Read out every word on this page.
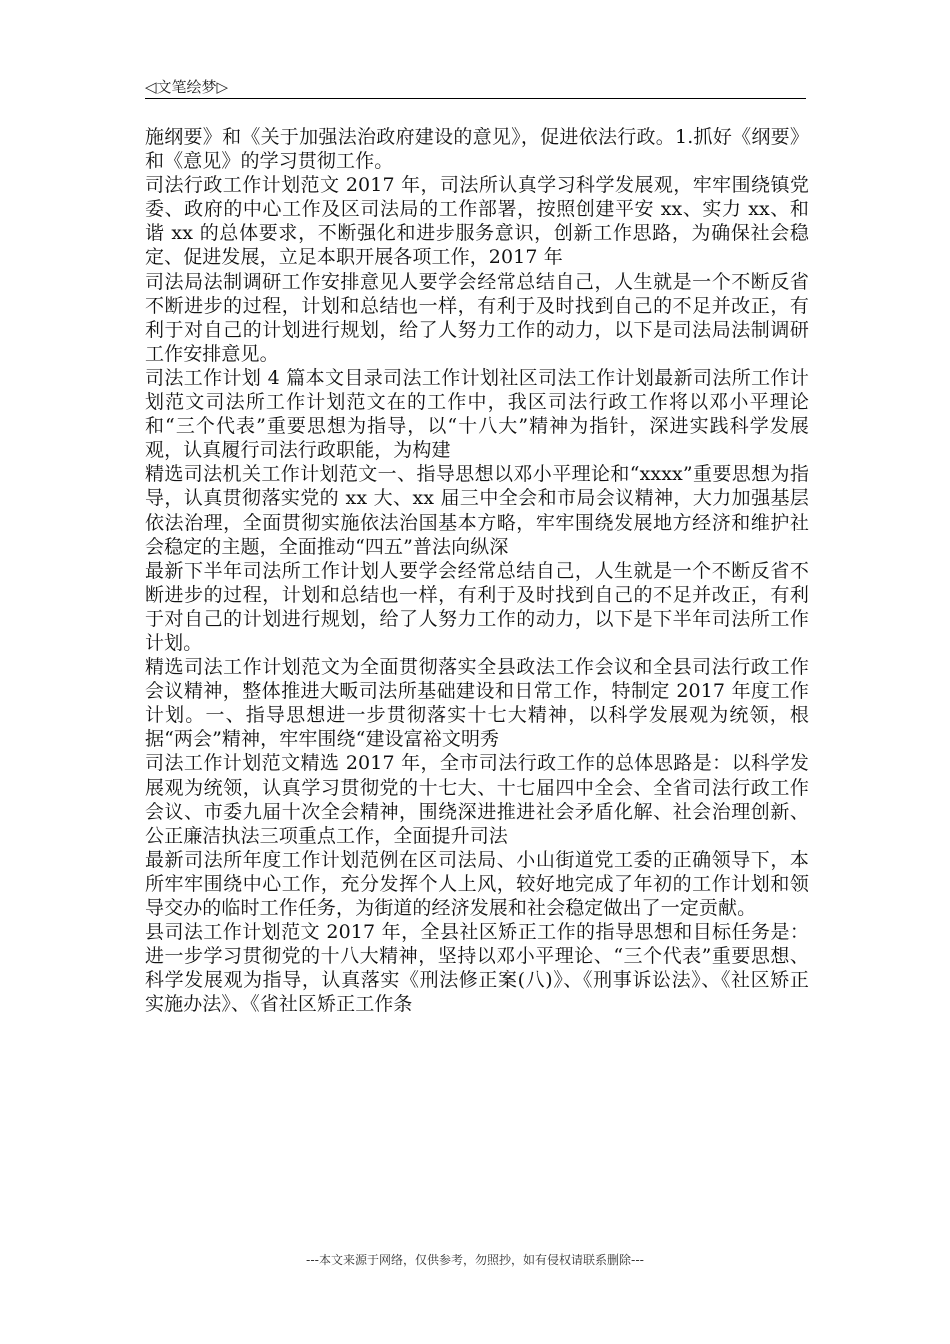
◁文笔绘梦▷

施纲要》和《关于加强法治政府建设的意见》，促进依法行政。1.抓好《纲要》和《意见》的学习贯彻工作。

司法行政工作计划范文 2017 年，司法所认真学习科学发展观，牢牢围绕镇党委、政府的中心工作及区司法局的工作部署，按照创建平安 xx、实力 xx、和谐 xx 的总体要求，不断强化和进步服务意识，创新工作思路，为确保社会稳定、促进发展，立足本职开展各项工作，2017 年

司法局法制调研工作安排意见人要学会经常总结自己，人生就是一个不断反省不断进步的过程，计划和总结也一样，有利于及时找到自己的不足并改正，有利于对自己的计划进行规划，给了人努力工作的动力，以下是司法局法制调研工作安排意见。

司法工作计划 4 篇本文目录司法工作计划社区司法工作计划最新司法所工作计划范文司法所工作计划范文在的工作中，我区司法行政工作将以邓小平理论和“三个代表”重要思想为指导，以“十八大”精神为指针，深进实践科学发展观，认真履行司法行政职能，为构建

精选司法机关工作计划范文一、指导思想以邓小平理论和“xxxx”重要思想为指导，认真贯彻落实党的 xx 大、xx 届三中全会和市局会议精神，大力加强基层依法治理，全面贯彻实施依法治国基本方略，牢牢围绕发展地方经济和维护社会稳定的主题，全面推动“四五”普法向纵深

最新下半年司法所工作计划人要学会经常总结自己，人生就是一个不断反省不断进步的过程，计划和总结也一样，有利于及时找到自己的不足并改正，有利于对自己的计划进行规划，给了人努力工作的动力，以下是下半年司法所工作计划。

精选司法工作计划范文为全面贯彻落实全县政法工作会议和全县司法行政工作会议精神，整体推进大畈司法所基础建设和日常工作，特制定 2017 年度工作计划。一、指导思想进一步贯彻落实十七大精神，以科学发展观为统领，根据“两会”精神，牢牢围绕“建设富裕文明秀

司法工作计划范文精选 2017 年，全市司法行政工作的总体思路是：以科学发展观为统领，认真学习贯彻党的十七大、十七届四中全会、全省司法行政工作会议、市委九届十次全会精神，围绕深进推进社会矛盾化解、社会治理创新、公正廉洁执法三项重点工作，全面提升司法

最新司法所年度工作计划范例在区司法局、小山街道党工委的正确领导下，本所牢牢围绕中心工作，充分发挥个人上风，较好地完成了年初的工作计划和领导交办的临时工作任务，为街道的经济发展和社会稳定做出了一定贡献。

县司法工作计划范文 2017 年，全县社区矫正工作的指导思想和目标任务是：进一步学习贯彻党的十八大精神，坚持以邓小平理论、“三个代表”重要思想、科学发展观为指导，认真落实《刑法修正案(八)》、《刑事诉讼法》、《社区矫正实施办法》、《省社区矫正工作条

---本文来源于网络，仅供参考，勿照抄，如有侵权请联系删除---
